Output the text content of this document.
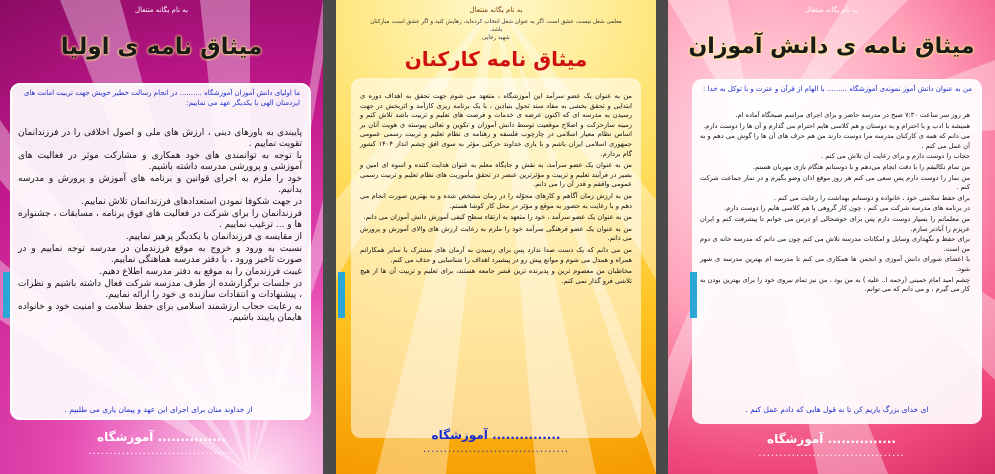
به نام یگانه منتعال
میثاق نامه ی اولیا
ما اولیای دانش آموزان آموزشگاه .......... در انجام رسالت خطیر خویش جهت تربیت امانت های ایزدمنان الهی با یکدیگر عهد می نماییم:
پایبندی به باورهای دینی ، ارزش های ملی و اصول اخلاقی را در فرزندانمان تقویت نماییم .
با توجه به توانمندی های خود همکاری و مشارکت موثر در فعالیت های آموزشی و پرورشی مدرسه داشته باشیم.
خود را ملزم به اجرای قوانین و برنامه های آموزش و پرورش و مدرسه بدانیم.
در جهت شکوفا نمودن استعدادهای فرزندانمان تلاش نماییم.
فرزندانمان را برای شرکت در فعالیت های فوق برنامه ، مسابقات ، جشنواره ها و ... ترغیب نماییم .
از مقایسه ی فرزندانمان با یکدیگر پرهیز نماییم.
نسبت به ورود و خروج به موقع فرزندمان در مدرسه توجه نماییم و در صورت تاخیر ورود ، با دفتر مدرسه هماهنگی نماییم.
غیبت فرزندمان را به موقع به دفتر مدرسه اطلاع دهیم.
در جلسات برگزارشده از طرف مدرسه شرکت فعال داشته باشیم و نظرات ، پیشنهادات و انتقادات سازنده ی خود را ارائه نماییم.
به رعایت حجاب ارزشمند اسلامی برای حفظ سلامت و امنیت خود و خانواده هایمان پایبند باشیم.
از خداوند منان برای اجرای این عهد و پیمان یاری می طلبیم .
آموزشگاه ...............
...................................
به نام یگانه منتعال
معلمی شغل نیست، عشق است. اگر به عنوان شغل انتخاب کرده‌اید، رهایش کنید و اگر عشق است، مبارکتان باشد.
شهید رجایی
میثاق نامه کارکنان
من به عنوان یک عضو سرآمد این آموزشگاه ، متعهد می شوم جهت تحقق به اهداف دوره ی ابتدایی و تحقق بخشی به مفاد سند تحول بنیادین ، با یک برنامه ریزی کارآمد و اثربخش در جهت رسیدن به مدرسه ای که اکنون عرضه ی خدمات و فرصت های تعلیم و تربیت باشد تلاش کنم و زمینه سازحرکت و اصلاح موقعیت توسط دانش آموزان و تکوین و تعالی پیوسته ی هویت آنان بر اساس نظام معیار اسلامی در چارچوب فلسفه و رهنامه ی نظام تعلیم و تربیت رسمی عمومی جمهوری اسلامی ایران باشم و با یاری خداوند حرکتی مؤثر به سوی افق چشم انداز ۱۴۰۴ کشور گام بردارم.
من به عنوان یک عضو سرآمد، به نقش و جایگاه معلم به عنوان هدایت کننده و اسوه ای امین و بصیر در فرآیند تعلیم و تربیت و مؤثرترین عنصر در تحقق مأموریت های نظام تعلیم و تربیت رسمی عمومی واقفم و قدر آن را می دانم.
من به ارزش زمان آگاهم و کارهای محوّله را در زمان مشخص شده و به بهترین صورت انجام می دهم و با رعایت به حضور به موقع و مؤثر در محل کار کوشا هستم.
من به عنوان یک عضو سرآمد ، خود را متعهد به ارتقاء سطح کیفی آموزش دانش آموزان می دانم.
من به عنوان یک عضو فرهنگی سرآمد خود را ملزم به رعایت ارزش های والای آموزش و پرورش می دانم.
من می دانم که یک دست صدا ندارد پس برای رسیدن به آرمان های مشترک با سایر همکارانم همراه و همدل می شوم و موانع پیش رو در پیشبرد اهداف را شناسایی و حذف می کنم.
مخاطبان من معصوم ترین و پذیرنده ترین قشر جامعه هستند، برای تعلیم و تربیت آن ها از هیچ تلاشی فرو گذار نمی کنم.
آموزشگاه ...............
...................................
به نام یگانه منتعال
میثاق نامه ی دانش آموزان
من به عنوان دانش آموز نمونه‌ی آموزشگاه ......... با الهام از قرآن و عترت و با توکل به خدا :
هر روز سر ساعت ۷:۳۰ صبح در مدرسه حاضر و برای اجرای مراسم صبحگاه آماده ام.
همیشه با ادب و با احترام و به دوستان و هم کلاسی هایم احترام می گذارم و آن ها را دوست دارم.
می دانم که همه ی کارکنان مدرسه مرا دوست دارند من هم حرف های آن ها را گوش می دهم و به آن عمل می کنم .
حجاب را دوست دارم و برای رعایت آن تلاش می کنم .
من تمام تکالیفم را با دقت انجام می‌دهم و با دوستانم هنگام بازی مهربان هستم.
من نماز را دوست دارم پس سعی می کنم هر روز موقع اذان وضو بگیرم و در نماز جماعت شرکت کنم .
برای حفظ سلامتی خود ، خانواده و دوستانم بهداشت را رعایت می کنم .
در برنامه های مدرسه شرکت می کنم ، چون کار گروهی با هم کلاسی هایم را دوست دارم.
من معلمانم را بسیار دوست دارم پس برای خوشحالی او درس می خوانم تا پیشرفت کنم و ایران عزیزم را آبادتر سازم.
برای حفظ و نگهداری وسایل و امکانات مدرسه تلاش می کنم چون می دانم که مدرسه خانه ی دوم من است.
با اعضای شورای دانش آموزی و انجمن ها همکاری می کنم تا مدرسه ام بهترین مدرسه ی شهر شود.
چشم امید امام خمینی (رحمه ا.. علیه ) به من بود ، من نیز تمام نیروی خود را برای بهترین بودن به کار می گیرم ، و می دانم که می توانم.
ای خدای بزرگ یاریم کن تا به قول هایی که دادم عمل کنم .
آموزشگاه ...............
...................................
